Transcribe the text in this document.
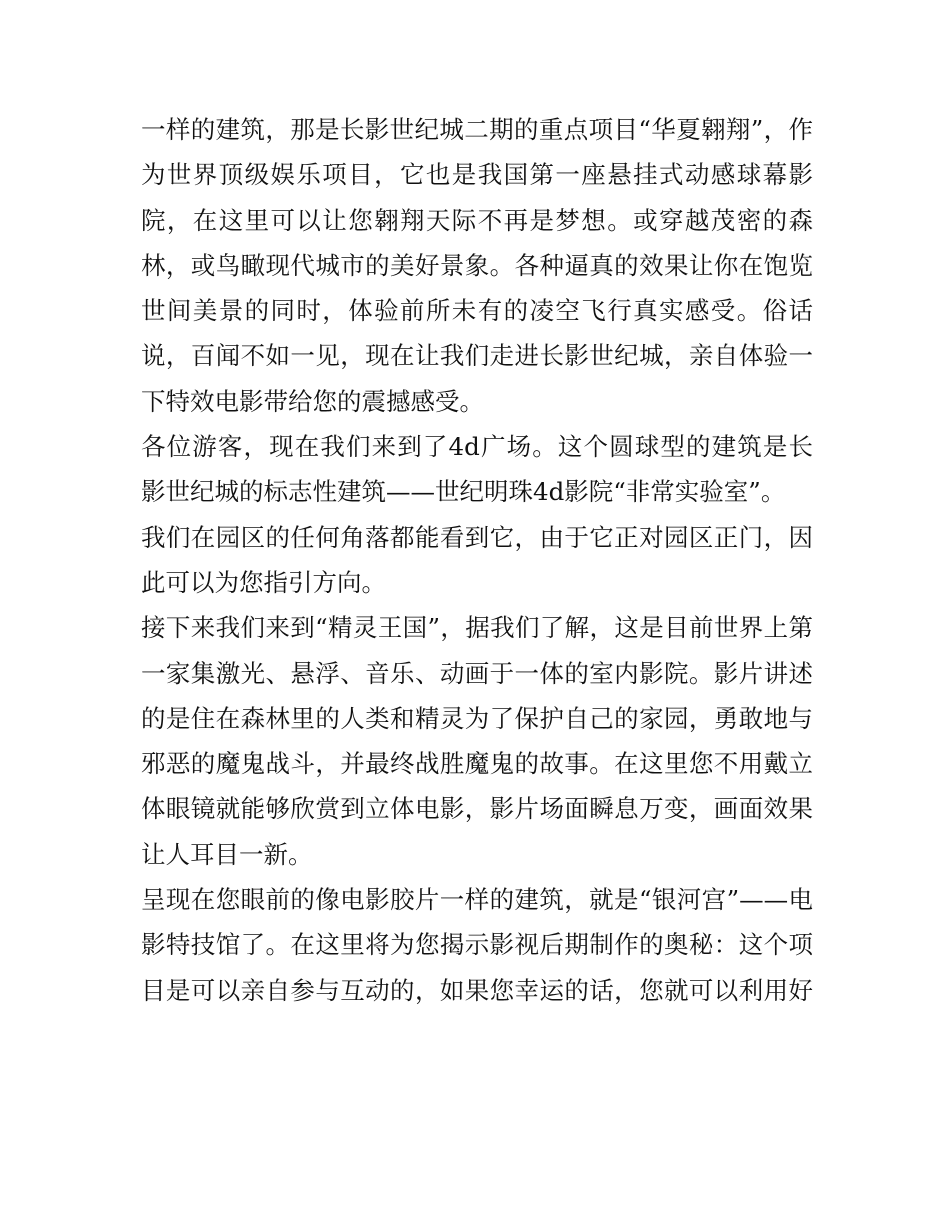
一样的建筑，那是长影世纪城二期的重点项目“华夏翱翔”，作
为世界顶级娱乐项目，它也是我国第一座悬挂式动感球幕影
院，在这里可以让您翱翔天际不再是梦想。或穿越茂密的森
林，或鸟瞰现代城市的美好景象。各种逼真的效果让你在饱览
世间美景的同时，体验前所未有的凌空飞行真实感受。俗话
说，百闻不如一见，现在让我们走进长影世纪城，亲自体验一
下特效电影带给您的震撼感受。
各位游客，现在我们来到了4d广场。这个圆球型的建筑是长
影世纪城的标志性建筑——世纪明珠4d影院“非常实验室”。
我们在园区的任何角落都能看到它，由于它正对园区正门，因
此可以为您指引方向。
接下来我们来到“精灵王国”，据我们了解，这是目前世界上第
一家集激光、悬浮、音乐、动画于一体的室内影院。影片讲述
的是住在森林里的人类和精灵为了保护自己的家园，勇敢地与
邪恶的魔鬼战斗，并最终战胜魔鬼的故事。在这里您不用戴立
体眼镜就能够欣赏到立体电影，影片场面瞬息万变，画面效果
让人耳目一新。
呈现在您眼前的像电影胶片一样的建筑，就是“银河宫”——电
影特技馆了。在这里将为您揭示影视后期制作的奥秘：这个项
目是可以亲自参与互动的，如果您幸运的话，您就可以利用好
